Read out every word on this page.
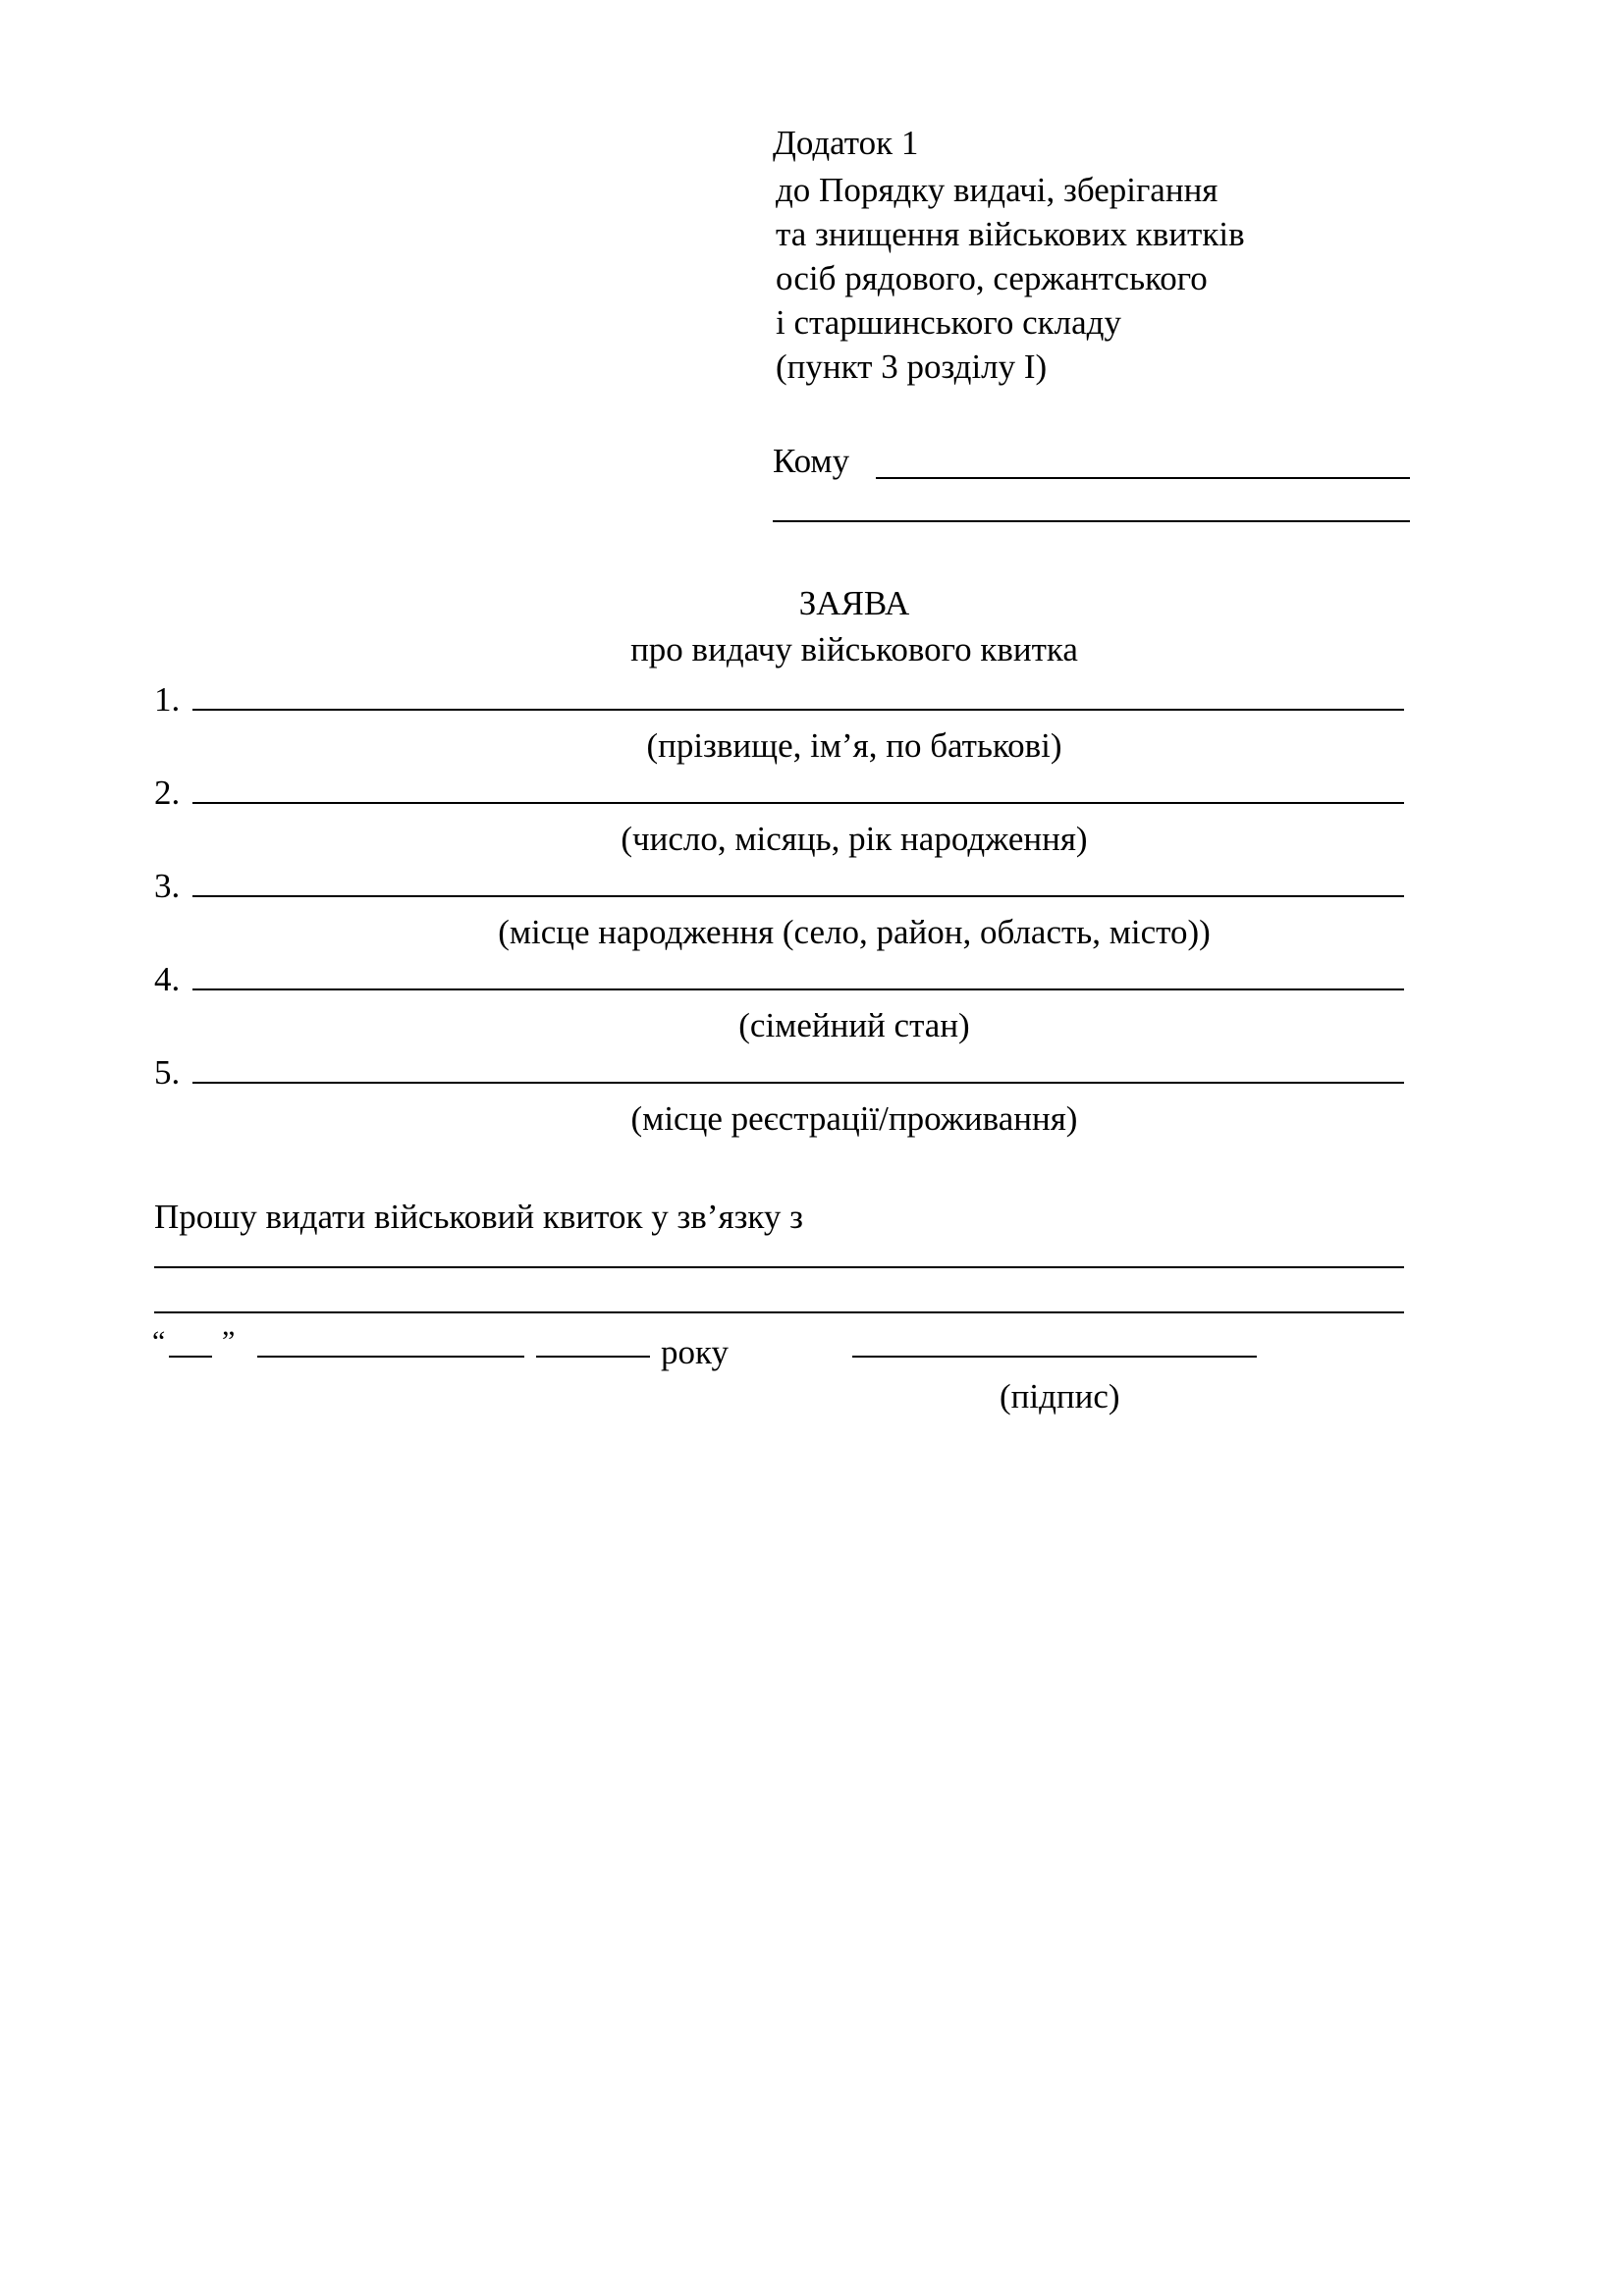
Додаток 1
до Порядку видачі, зберігання
та знищення військових квитків
осіб рядового, сержантського
і старшинського складу
(пункт 3 розділу І)
Кому
ЗАЯВА
про видачу військового квитка
1.
(прізвище, ім’я, по батькові)
2.
(число, місяць, рік народження)
3.
(місце народження (село, район, область, місто))
4.
(сімейний стан)
5.
(місце реєстрації/проживання)
Прошу видати військовий квиток у зв’язку з
“ ”	року
(підпис)
